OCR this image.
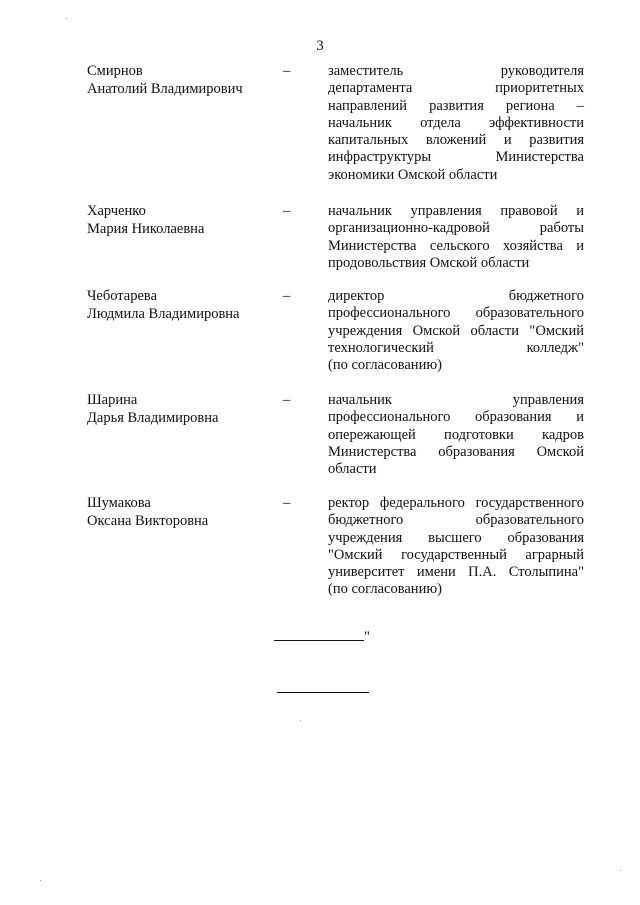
3
Смирнов
Анатолий Владимирович
–	заместитель руководителя
департамента приоритетных
направлений развития региона –
начальник отдела эффективности
капитальных вложений и развития
инфраструктуры Министерства
экономики Омской области
Харченко
Мария Николаевна
–	начальник управления правовой и
организационно-кадровой работы
Министерства сельского хозяйства и
продовольствия Омской области
Чеботарева
Людмила Владимировна
–	директор бюджетного
профессионального образовательного
учреждения Омской области "Омский
технологический колледж"
(по согласованию)
Шарина
Дарья Владимировна
–	начальник управления
профессионального образования и
опережающей подготовки кадров
Министерства образования Омской
области
Шумакова
Оксана Викторовна
–	ректор федерального государственного
бюджетного образовательного
учреждения высшего образования
"Омский государственный аграрный
университет имени П.А. Столыпина"
(по согласованию)
"
